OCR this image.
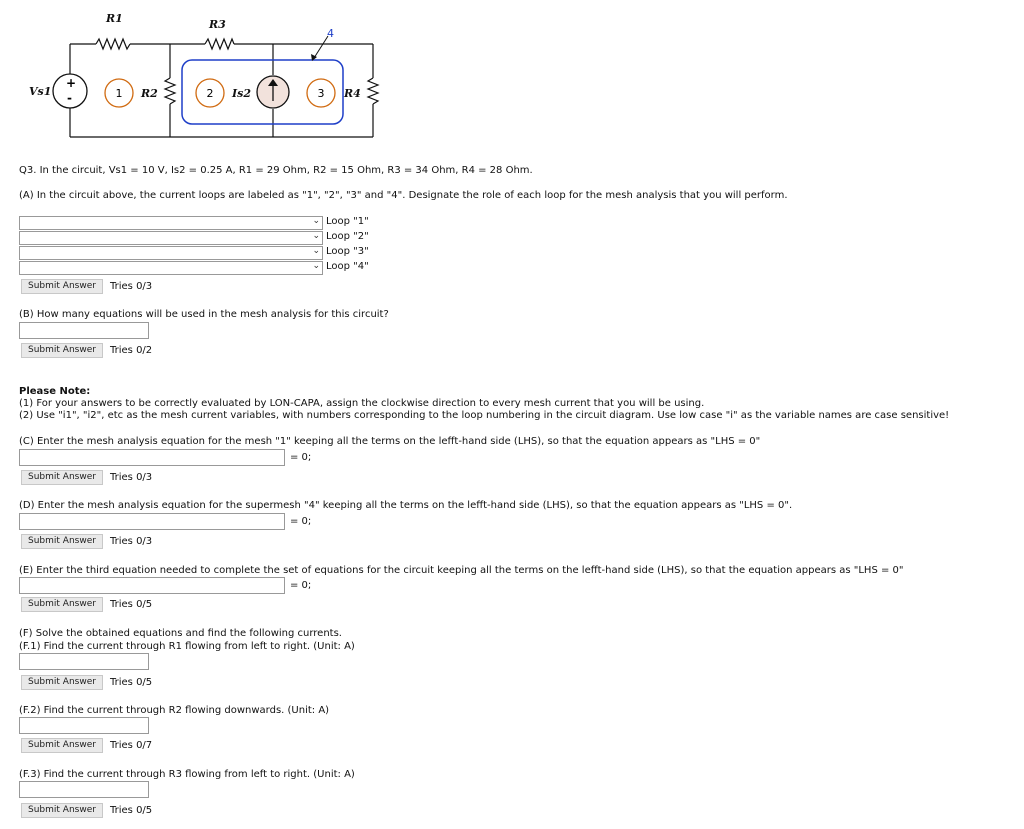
+
-	1	2	3
4
R1	R3
Vs1	R2	Is2	R4
Q3. In the circuit, Vs1 = 10 V, Is2 = 0.25 A, R1 = 29 Ohm, R2 = 15 Ohm, R3 = 34 Ohm, R4 = 28 Ohm.
(A) In the circuit above, the current loops are labeled as "1", "2", "3" and "4". Designate the role of each loop for the mesh analysis that you will perform.
⌄ Loop "1"
⌄ Loop "2"
⌄ Loop "3"
⌄ Loop "4"
Submit Answer	Tries 0/3
(B) How many equations will be used in the mesh analysis for this circuit?
Submit Answer	Tries 0/2
Please Note:
(1) For your answers to be correctly evaluated by LON-CAPA, assign the clockwise direction to every mesh current that you will be using.
(2) Use "i1", "i2", etc as the mesh current variables, with numbers corresponding to the loop numbering in the circuit diagram. Use low case "i" as the variable names are case sensitive!
(C) Enter the mesh analysis equation for the mesh "1" keeping all the terms on the lefft-hand side (LHS), so that the equation appears as "LHS = 0"
= 0;
Submit Answer	Tries 0/3
(D) Enter the mesh analysis equation for the supermesh "4" keeping all the terms on the lefft-hand side (LHS), so that the equation appears as "LHS = 0".
= 0;
Submit Answer	Tries 0/3
(E) Enter the third equation needed to complete the set of equations for the circuit keeping all the terms on the lefft-hand side (LHS), so that the equation appears as "LHS = 0"
= 0;
Submit Answer	Tries 0/5
(F) Solve the obtained equations and find the following currents.
(F.1) Find the current through R1 flowing from left to right. (Unit: A)
Submit Answer	Tries 0/5
(F.2) Find the current through R2 flowing downwards. (Unit: A)
Submit Answer	Tries 0/7
(F.3) Find the current through R3 flowing from left to right. (Unit: A)
Submit Answer	Tries 0/5
